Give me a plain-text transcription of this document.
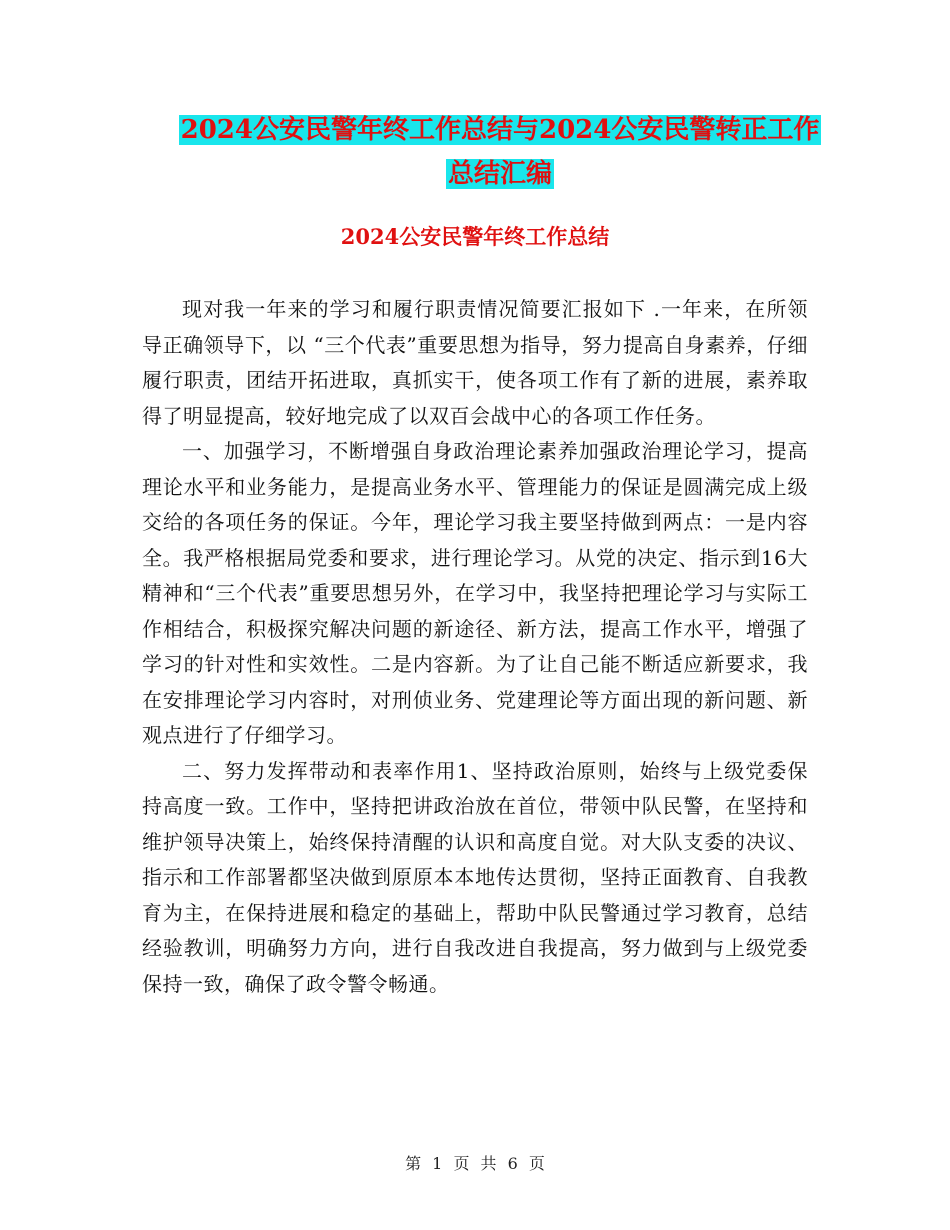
2024公安民警年终工作总结与2024公安民警转正工作
总结汇编
2024公安民警年终工作总结

现对我一年来的学习和履行职责情况简要汇报如下 .一年来，在所领导正确领导下，以 “三个代表”重要思想为指导，努力提高自身素养，仔细履行职责，团结开拓进取，真抓实干，使各项工作有了新的进展，素养取得了明显提高，较好地完成了以双百会战中心的各项工作任务。

一、加强学习，不断增强自身政治理论素养加强政治理论学习，提高理论水平和业务能力，是提高业务水平、管理能力的保证是圆满完成上级交给的各项任务的保证。今年，理论学习我主要坚持做到两点：一是内容全。我严格根据局党委和要求，进行理论学习。从党的决定、指示到16大精神和“三个代表”重要思想另外，在学习中，我坚持把理论学习与实际工作相结合，积极探究解决问题的新途径、新方法，提高工作水平，增强了学习的针对性和实效性。二是内容新。为了让自己能不断适应新要求，我在安排理论学习内容时，对刑侦业务、党建理论等方面出现的新问题、新观点进行了仔细学习。

二、努力发挥带动和表率作用1、坚持政治原则，始终与上级党委保持高度一致。工作中，坚持把讲政治放在首位，带领中队民警，在坚持和维护领导决策上，始终保持清醒的认识和高度自觉。对大队支委的决议、指示和工作部署都坚决做到原原本本地传达贯彻，坚持正面教育、自我教育为主，在保持进展和稳定的基础上，帮助中队民警通过学习教育，总结经验教训，明确努力方向，进行自我改进自我提高，努力做到与上级党委保持一致，确保了政令警令畅通。

第 1 页 共 6 页
